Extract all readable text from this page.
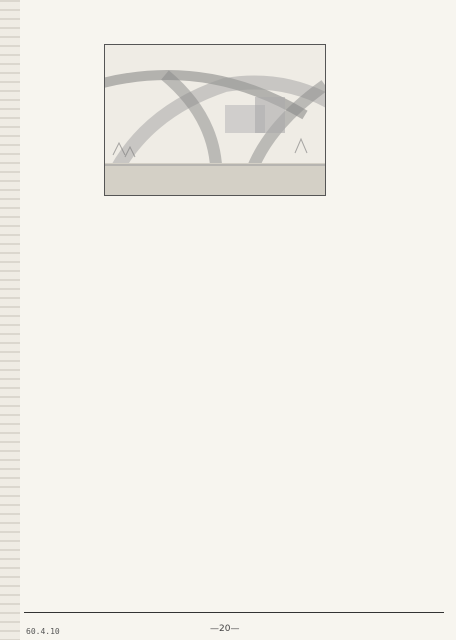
—20—
60.4.10
